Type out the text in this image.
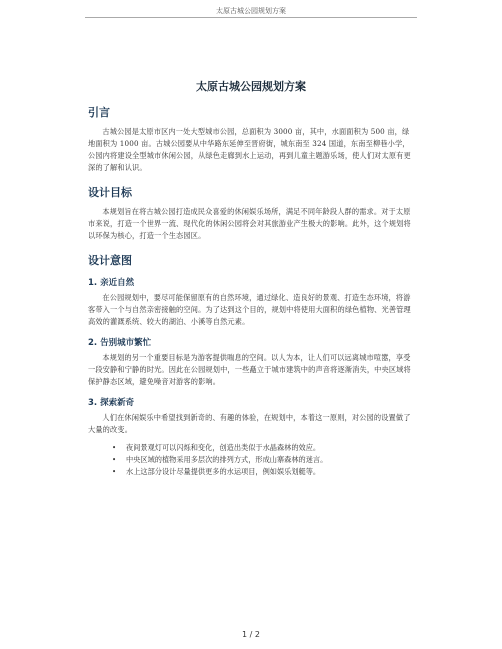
太原古城公园规划方案
太原古城公园规划方案
引言

古城公园是太原市区内一处大型城市公园，总面积为 3000 亩，其中，水面面积为 500 亩，绿地面积为 1000 亩。古城公园要从中华路东延伸至晋府街，城东南至 324 国道，东南至柳巷小学，公园内将建设全型城市休闲公园，从绿色走廊到水上运动，再到儿童主题游乐场，使人们对太原有更深的了解和认识。

设计目标

本规划旨在将古城公园打造成民众喜爱的休闲娱乐场所，满足不同年龄段人群的需求。对于太原市来说，打造一个世界一流、现代化的休闲公园将会对其旅游业产生极大的影响。此外，这个规划将以环保为核心，打造一个生态园区。

设计意图
1. 亲近自然

在公园规划中，要尽可能保留原有的自然环境，通过绿化、造良好的景观、打造生态环境，将游客带入一个与自然亲密接触的空间。为了达到这个目的，规划中将使用大面积的绿色植物、光善管理高效的灌溉系统、较大的湖泊、小溪等自然元素。

2. 告别城市繁忙

本规划的另一个重要目标是为游客提供喘息的空间。以人为本，让人们可以远离城市喧嚣，享受一段安静和宁静的时光。因此在公园规划中，一些矗立于城市建筑中的声音将逐渐消失，中央区域将保护静态区域，避免噪音对游客的影响。

3. 探索新奇

人们在休闲娱乐中希望找到新奇的、有趣的体验，在规划中，本着这一原则，对公园的设置做了大量的改变。

• 夜间景观灯可以闪烁和变化，创造出类似于水晶森林的效应。
• 中央区域的植物采用多层次的排列方式，形成山寨森林的迷言。
• 水上这部分设计尽量提供更多的水运项目，例如娱乐划艇等。
1 / 2
